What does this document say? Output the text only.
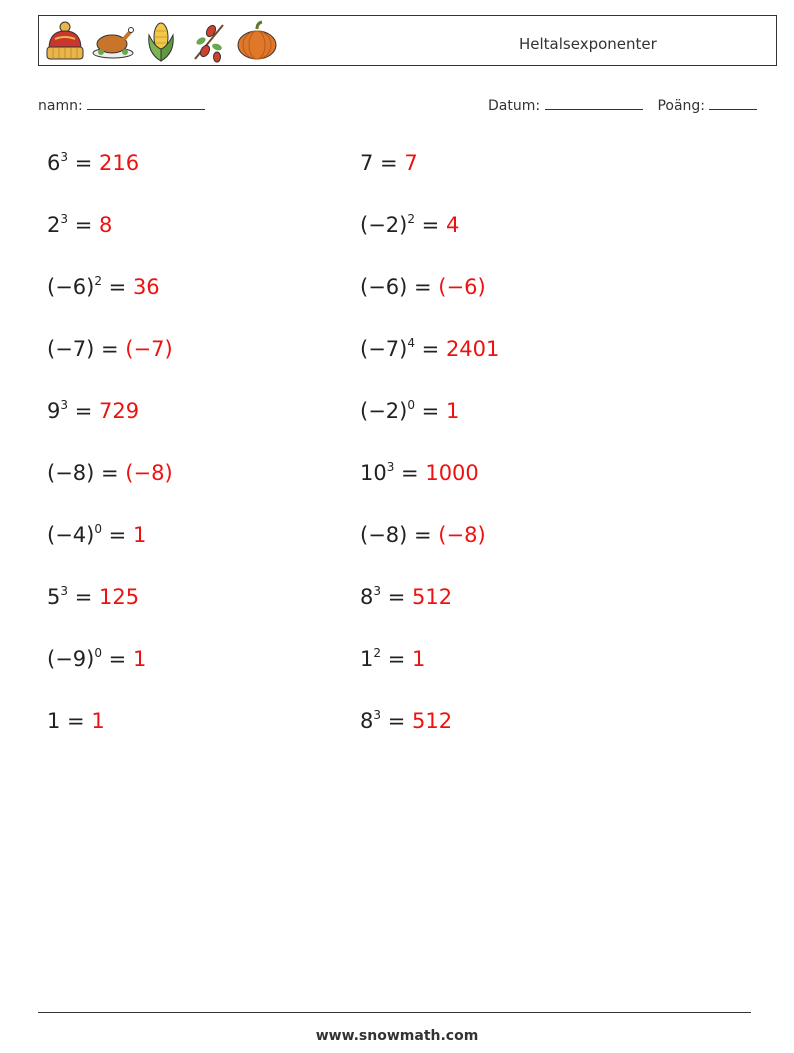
Heltalsexponenter
namn:	Datum:	Poäng:
$6^3 = 216$	7 = 7
$2^3 = 8$	$(-2)^2 = 4$
$(-6)^2 = 36$	(−6) = (−6)
(−7) = (−7)	$(-7)^4 = 2401$
$9^3 = 729$	$(-2)^0 = 1$
(−8) = (−8)	$10^3 = 1000$
$(-4)^0 = 1$	(−8) = (−8)
$5^3 = 125$	$8^3 = 512$
$(-9)^0 = 1$	$1^2 = 1$
1 = 1	$8^3 = 512$
www.snowmath.com
